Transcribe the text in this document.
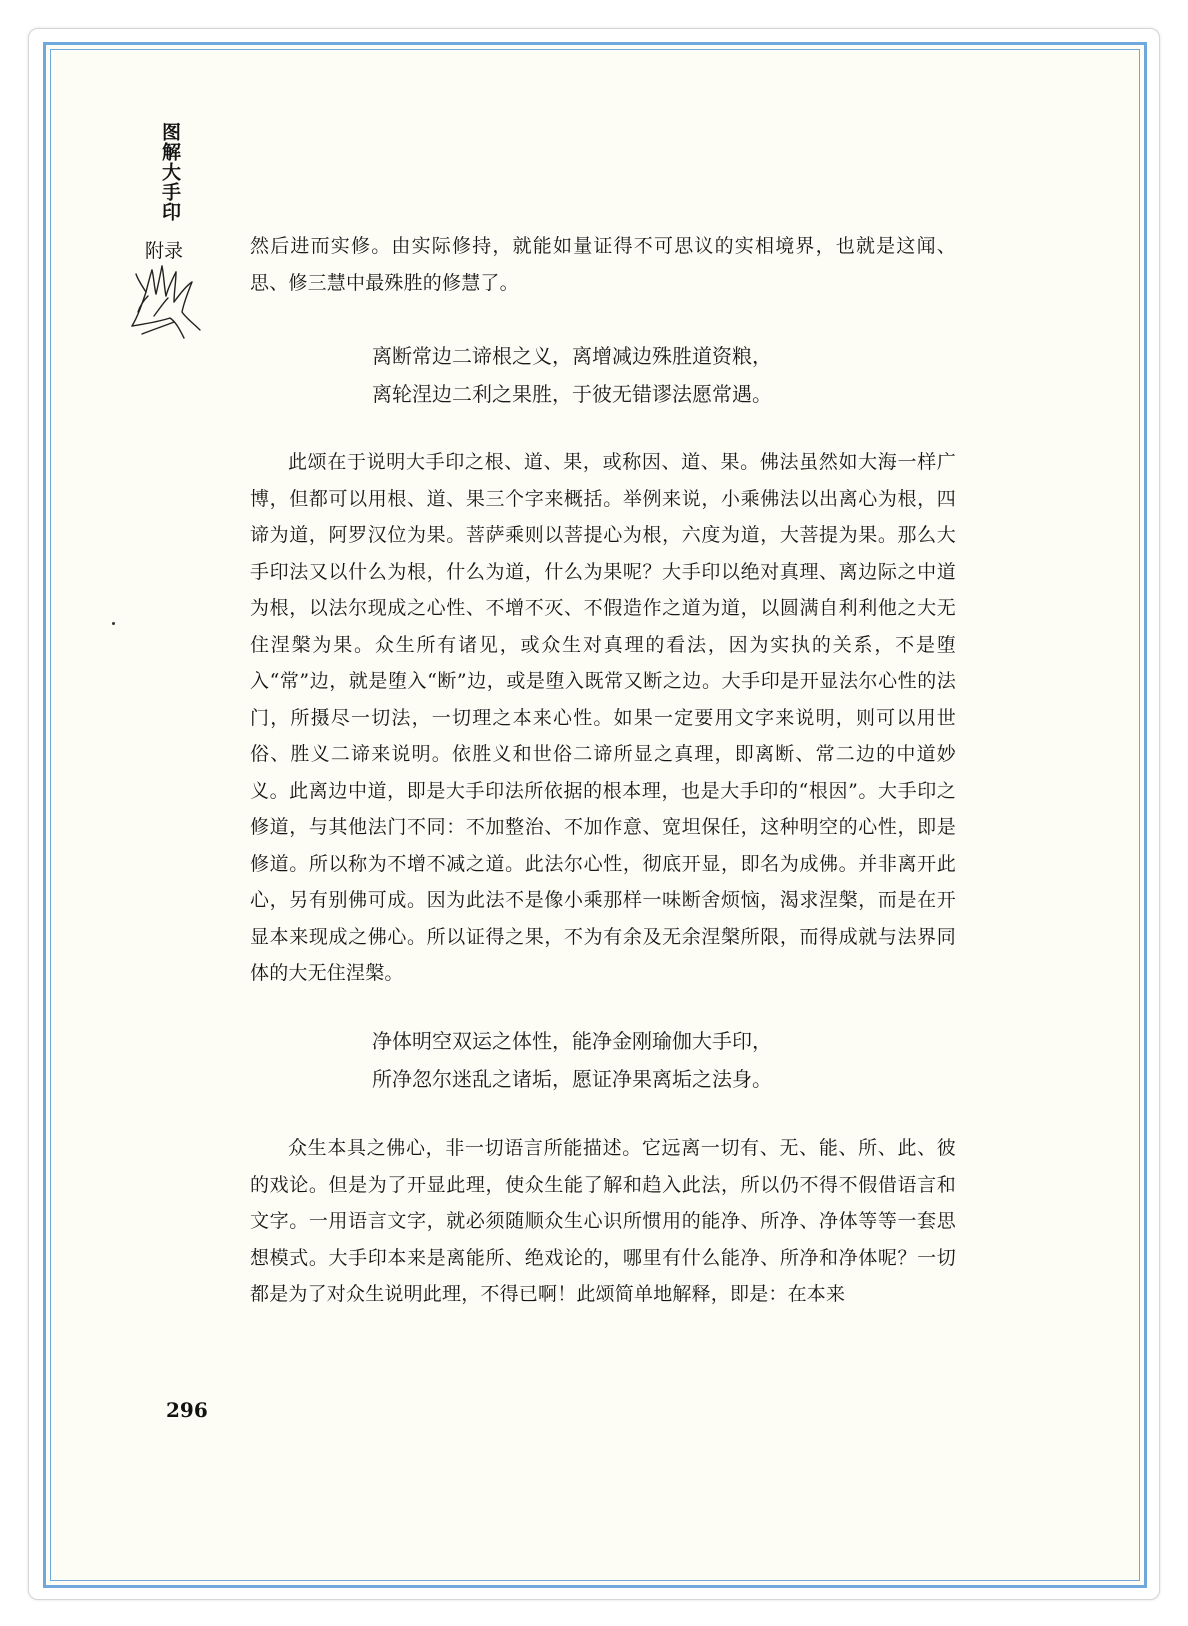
图解大手印
附录	然后进而实修。由实际修持，就能如量证得不可思议的实相境界，也就是这闻、思、修三慧中最殊胜的修慧了。

离断常边二谛根之义，离增减边殊胜道资粮，
离轮涅边二利之果胜，于彼无错谬法愿常遇。

此颂在于说明大手印之根、道、果，或称因、道、果。佛法虽然如大海一样广博，但都可以用根、道、果三个字来概括。举例来说，小乘佛法以出离心为根，四谛为道，阿罗汉位为果。菩萨乘则以菩提心为根，六度为道，大菩提为果。那么大手印法又以什么为根，什么为道，什么为果呢？大手印以绝对真理、离边际之中道为根，以法尔现成之心性、不增不灭、不假造作之道为道，以圆满自利利他之大无住涅槃为果。众生所有诸见，或众生对真理的看法，因为实执的关系，不是堕入“常”边，就是堕入“断”边，或是堕入既常又断之边。大手印是开显法尔心性的法门，所摄尽一切法，一切理之本来心性。如果一定要用文字来说明，则可以用世俗、胜义二谛来说明。依胜义和世俗二谛所显之真理，即离断、常二边的中道妙义。此离边中道，即是大手印法所依据的根本理，也是大手印的“根因”。大手印之修道，与其他法门不同：不加整治、不加作意、宽坦保任，这种明空的心性，即是修道。所以称为不增不减之道。此法尔心性，彻底开显，即名为成佛。并非离开此心，另有别佛可成。因为此法不是像小乘那样一味断舍烦恼，渴求涅槃，而是在开显本来现成之佛心。所以证得之果，不为有余及无余涅槃所限，而得成就与法界同体的大无住涅槃。

净体明空双运之体性，能净金刚瑜伽大手印，
所净忽尔迷乱之诸垢，愿证净果离垢之法身。

众生本具之佛心，非一切语言所能描述。它远离一切有、无、能、所、此、彼的戏论。但是为了开显此理，使众生能了解和趋入此法，所以仍不得不假借语言和文字。一用语言文字，就必须随顺众生心识所惯用的能净、所净、净体等等一套思想模式。大手印本来是离能所、绝戏论的，哪里有什么能净、所净和净体呢？一切都是为了对众生说明此理，不得已啊！此颂简单地解释，即是：在本来

296
